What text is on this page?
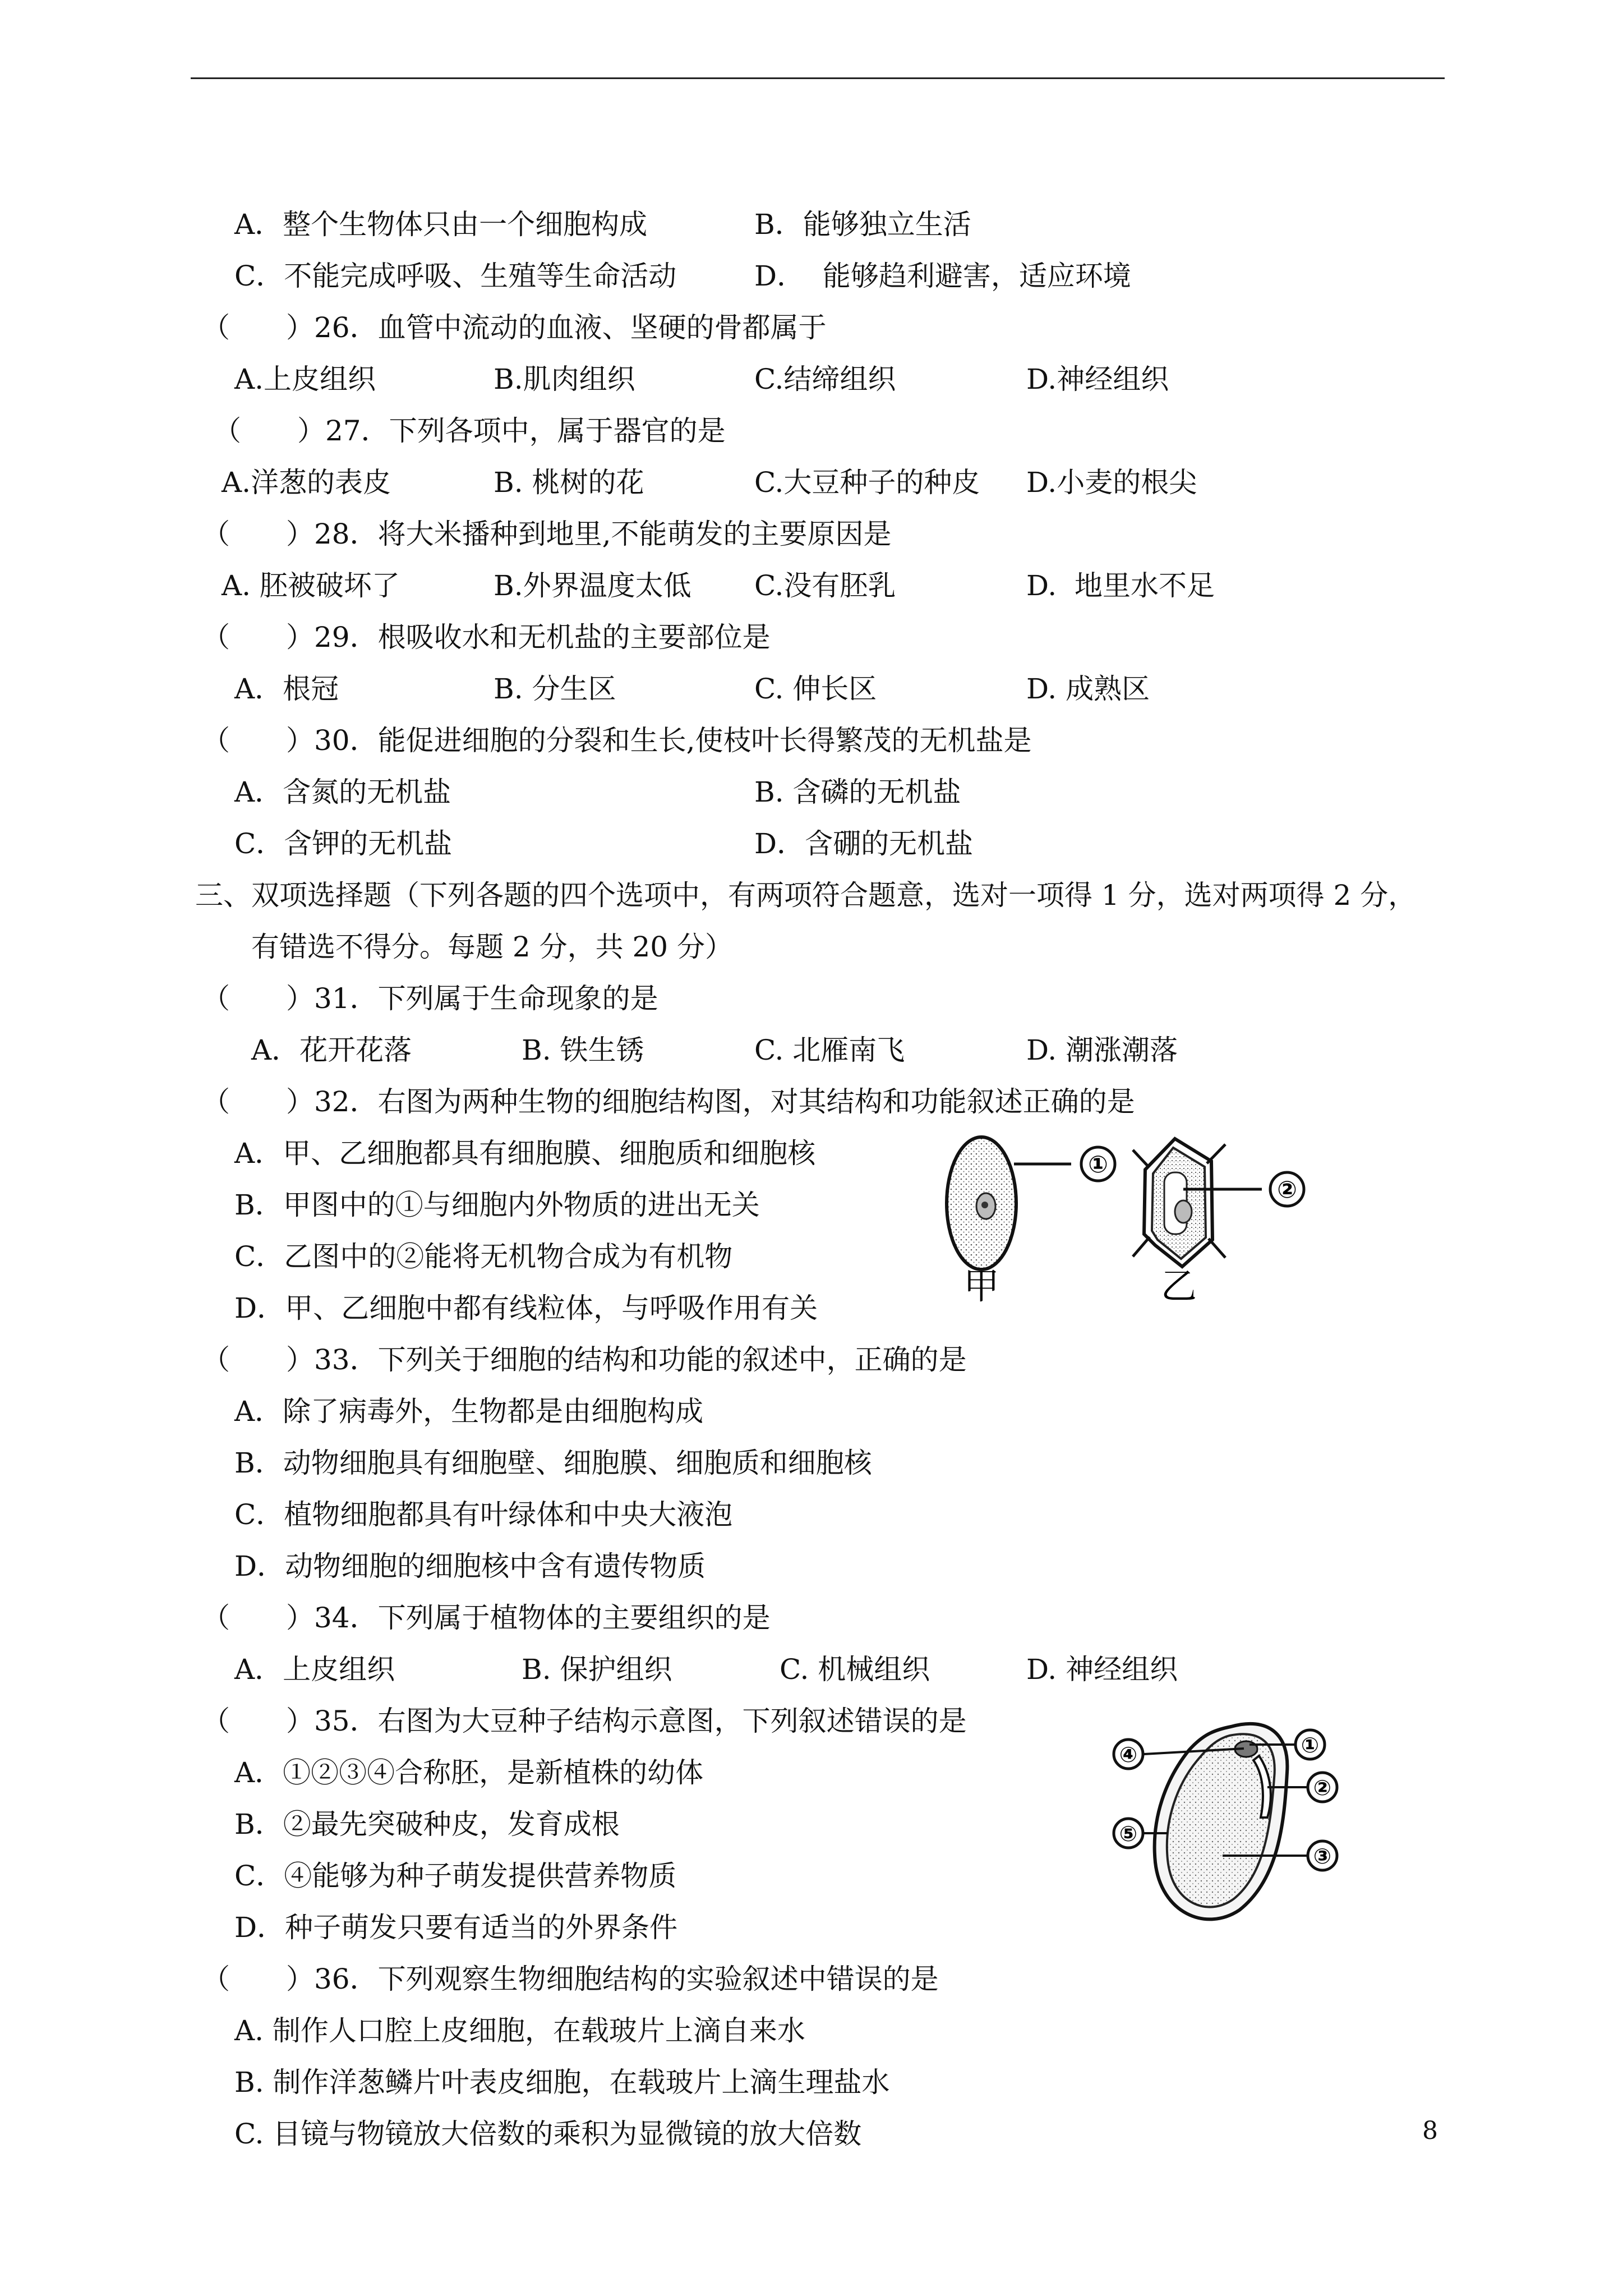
A．整个生物体只由一个细胞构成	B．能够独立生活
C．不能完成呼吸、生殖等生命活动	D．  能够趋利避害，适应环境
（　　）26．血管中流动的血液、坚硬的骨都属于
A.上皮组织	B.肌肉组织	C.结缔组织	D.神经组织
（　　）27．下列各项中，属于器官的是
A.洋葱的表皮	B. 桃树的花	C.大豆种子的种皮 D.小麦的根尖
（　　）28．将大米播种到地里,不能萌发的主要原因是
A. 胚被破坏了	B.外界温度太低 C.没有胚乳	D.  地里水不足
（　　）29．根吸收水和无机盐的主要部位是
A．根冠	B. 分生区	C. 伸长区	D. 成熟区
（　　）30．能促进细胞的分裂和生长,使枝叶长得繁茂的无机盐是
A．含氮的无机盐	B. 含磷的无机盐
C．含钾的无机盐	D．含硼的无机盐
三、双项选择题（下列各题的四个选项中，有两项符合题意，选对一项得 1 分，选对两项得 2 分，
有错选不得分。每题 2 分，共 20 分）
（　　）31．下列属于生命现象的是
A．花开花落	B. 铁生锈	C. 北雁南飞	D. 潮涨潮落
（　　）32．右图为两种生物的细胞结构图，对其结构和功能叙述正确的是
A．甲、乙细胞都具有细胞膜、细胞质和细胞核
B．甲图中的①与细胞内外物质的进出无关
C．乙图中的②能将无机物合成为有机物
D．甲、乙细胞中都有线粒体，与呼吸作用有关
①
甲
②
乙
（　　）33．下列关于细胞的结构和功能的叙述中，正确的是
A．除了病毒外，生物都是由细胞构成
B．动物细胞具有细胞壁、细胞膜、细胞质和细胞核
C．植物细胞都具有叶绿体和中央大液泡
D．动物细胞的细胞核中含有遗传物质
（　　）34．下列属于植物体的主要组织的是
A．上皮组织	B. 保护组织	C. 机械组织	D. 神经组织
（　　）35．右图为大豆种子结构示意图，下列叙述错误的是
A．①②③④合称胚，是新植株的幼体
B．②最先突破种皮，发育成根
C．④能够为种子萌发提供营养物质
D．种子萌发只要有适当的外界条件
④	①
②
⑤
③
（　　）36．下列观察生物细胞结构的实验叙述中错误的是
A. 制作人口腔上皮细胞，在载玻片上滴自来水
B. 制作洋葱鳞片叶表皮细胞，在载玻片上滴生理盐水
C. 目镜与物镜放大倍数的乘积为显微镜的放大倍数	8
